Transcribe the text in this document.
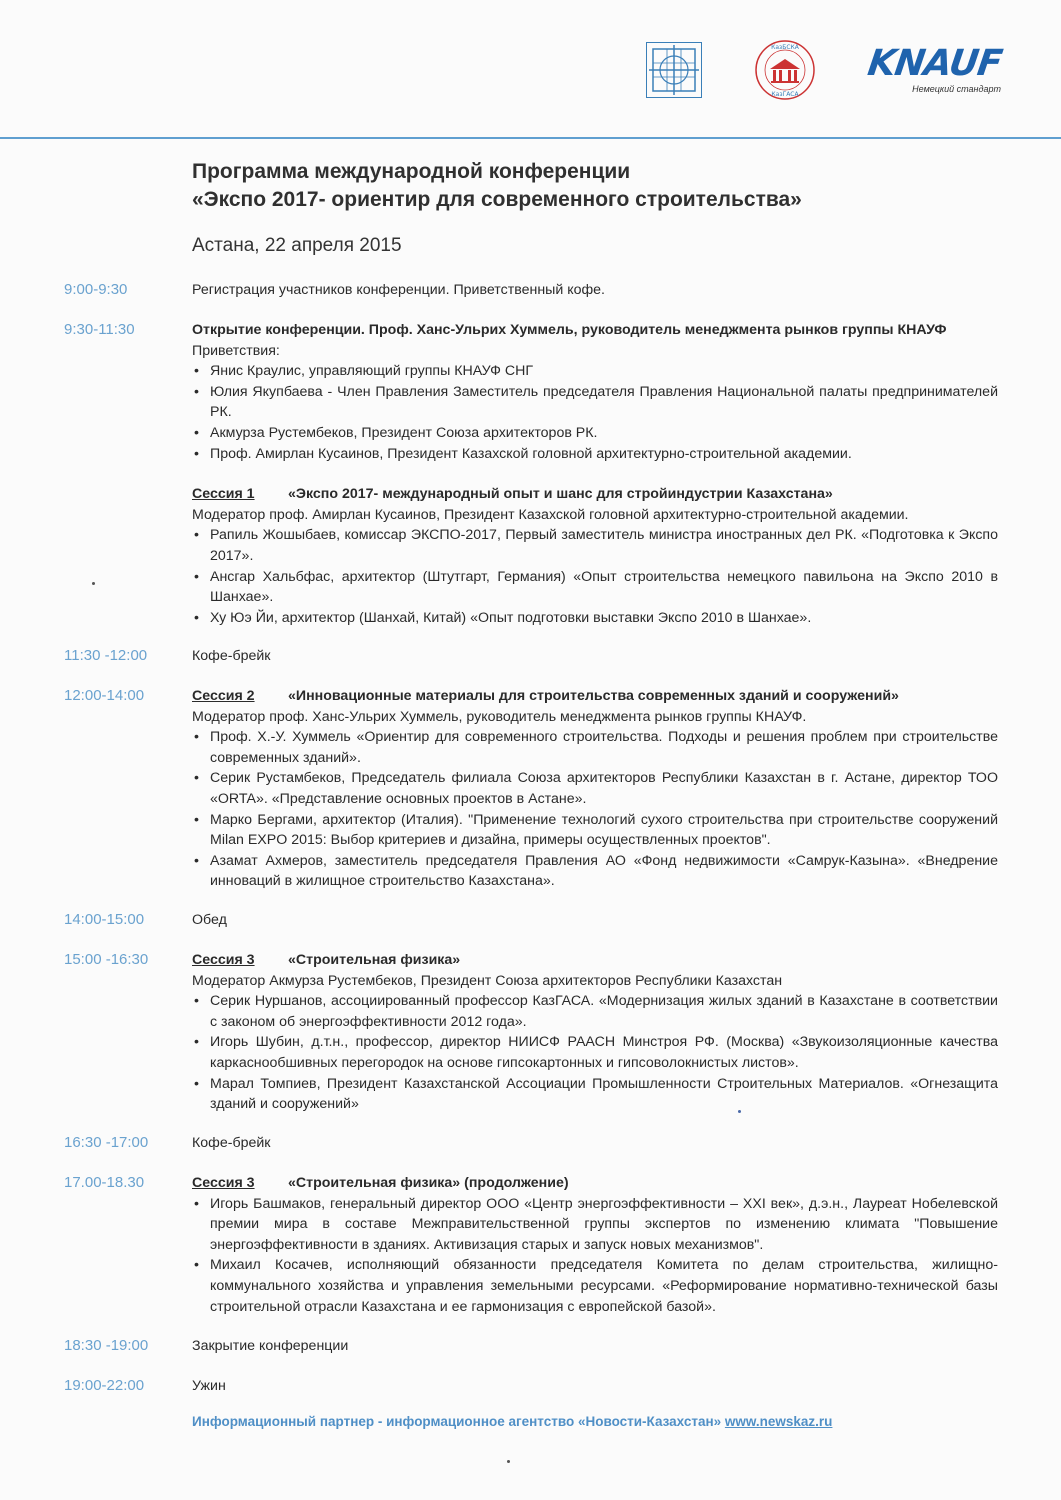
КазБСКА
КазГАСА
KNAUF
Немецкий стандарт
Программа международной конференции
«Экспо 2017- ориентир для современного строительства»
Астана, 22 апреля 2015
9:00-9:30	Регистрация участников конференции. Приветственный кофе.

9:30-11:30	Открытие конференции. Проф. Ханс-Ульрих Хуммель, руководитель менеджмента рынков группы КНАУФ

Приветствия:

• Янис Краулис, управляющий группы КНАУФ СНГ
• Юлия Якупбаева - Член Правления Заместитель председателя Правления Национальной палаты предпринимателей РК.
• Акмурза Рустембеков, Президент Союза архитекторов РК.
• Проф. Амирлан Кусаинов, Президент Казахской головной архитектурно-строительной академии.

Сессия 1 «Экспо 2017- международный опыт и шанс для стройиндустрии Казахстана»

Модератор проф. Амирлан Кусаинов, Президент Казахской головной архитектурно-строительной академии.

• Рапиль Жошыбаев, комиссар ЭКСПО-2017, Первый заместитель министра иностранных дел РК. «Подготовка к Экспо 2017».
• Ансгар Хальбфас, архитектор (Штутгарт, Германия) «Опыт строительства немецкого павильона на Экспо 2010 в Шанхае».
• Ху Юэ Йи, архитектор (Шанхай, Китай) «Опыт подготовки выставки Экспо 2010 в Шанхае».
11:30 -12:00	Кофе-брейк

12:00-14:00	Сессия 2 «Инновационные материалы для строительства современных зданий и сооружений»

Модератор проф. Ханс-Ульрих Хуммель, руководитель менеджмента рынков группы КНАУФ.

• Проф. Х.-У. Хуммель «Ориентир для современного строительства. Подходы и решения проблем при строительстве современных зданий».
• Серик Рустамбеков, Председатель филиала Союза архитекторов Республики Казахстан в г. Астане, директор ТОО «ORTA». «Представление основных проектов в Астане».
• Марко Бергами, архитектор (Италия). "Применение технологий сухого строительства при строительстве сооружений Milan EXPO 2015: Выбор критериев и дизайна, примеры осуществленных проектов".
• Азамат Ахмеров, заместитель председателя Правления АО «Фонд недвижимости «Самрук-Казына». «Внедрение инноваций в жилищное строительство Казахстана».
14:00-15:00	Обед

15:00 -16:30	Сессия 3 «Строительная физика»

Модератор Акмурза Рустембеков, Президент Союза архитекторов Республики Казахстан

• Серик Нуршанов, ассоциированный профессор КазГАСА. «Модернизация жилых зданий в Казахстане в соответствии с законом об энергоэффективности 2012 года».
• Игорь Шубин, д.т.н., профессор, директор НИИСФ РААСН Минстроя РФ. (Москва) «Звукоизоляционные качества каркаснообшивных перегородок на основе гипсокартонных и гипсоволокнистых листов».
• Марал Томпиев, Президент Казахстанской Ассоциации Промышленности Строительных Материалов. «Огнезащита зданий и сооружений»
16:30 -17:00	Кофе-брейк

17.00-18.30	Сессия 3 «Строительная физика» (продолжение)

• Игорь Башмаков, генеральный директор ООО «Центр энергоэффективности – XXI век», д.э.н., Лауреат Нобелевской премии мира в составе Межправительственной группы экспертов по изменению климата "Повышение энергоэффективности в зданиях. Активизация старых и запуск новых механизмов".
• Михаил Косачев, исполняющий обязанности председателя Комитета по делам строительства, жилищно-коммунального хозяйства и управления земельными ресурсами. «Реформирование нормативно-технической базы строительной отрасли Казахстана и ее гармонизация с европейской базой».
18:30 -19:00	Закрытие конференции

19:00-22:00	Ужин

Информационный партнер - информационное агентство «Новости-Казахстан» www.newskaz.ru
